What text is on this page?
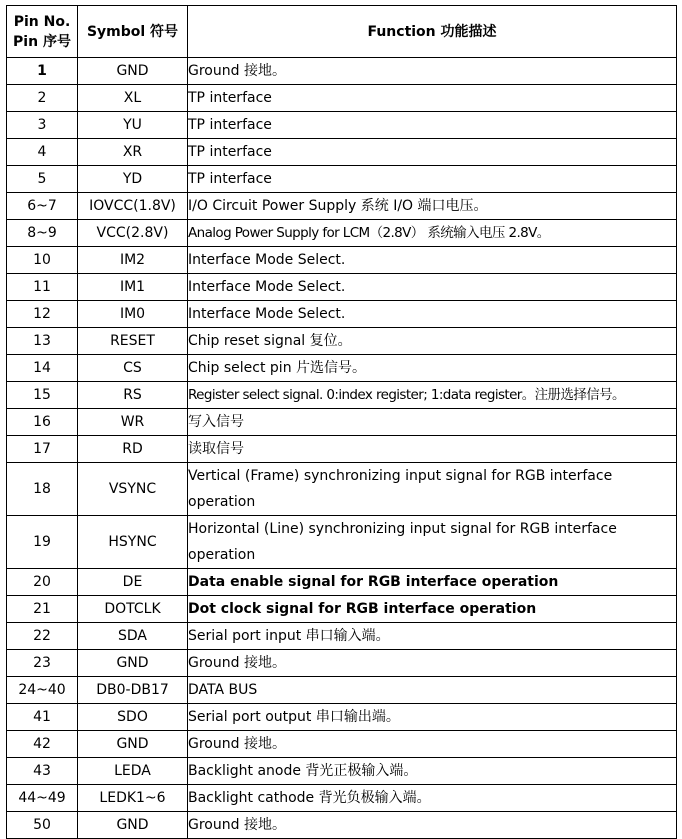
Pin No.
Pin 序号	Symbol 符号	Function 功能描述
1	GND	Ground 接地。
2	XL	TP interface
3	YU	TP interface
4	XR	TP interface
5	YD	TP interface
6~7	IOVCC(1.8V)	I/O Circuit Power Supply 系统 I/O 端口电压。
8~9	VCC(2.8V)	Analog Power Supply for LCM（2.8V） 系统输入电压 2.8V。
10	IM2	Interface Mode Select.
11	IM1	Interface Mode Select.
12	IM0	Interface Mode Select.
13	RESET	Chip reset signal 复位。
14	CS	Chip select pin 片选信号。
15	RS	Register select signal. 0:index register; 1:data register。注册选择信号。
16	WR	写入信号
17	RD	读取信号
18	VSYNC	Vertical (Frame) synchronizing input signal for RGB interface operation
19	HSYNC	Horizontal (Line) synchronizing input signal for RGB interface operation
20	DE	Data enable signal for RGB interface operation
21	DOTCLK	Dot clock signal for RGB interface operation
22	SDA	Serial port input 串口输入端。
23	GND	Ground 接地。
24~40	DB0-DB17	DATA BUS
41	SDO	Serial port output 串口输出端。
42	GND	Ground 接地。
43	LEDA	Backlight anode 背光正极输入端。
44~49	LEDK1~6	Backlight cathode 背光负极输入端。
50	GND	Ground 接地。
